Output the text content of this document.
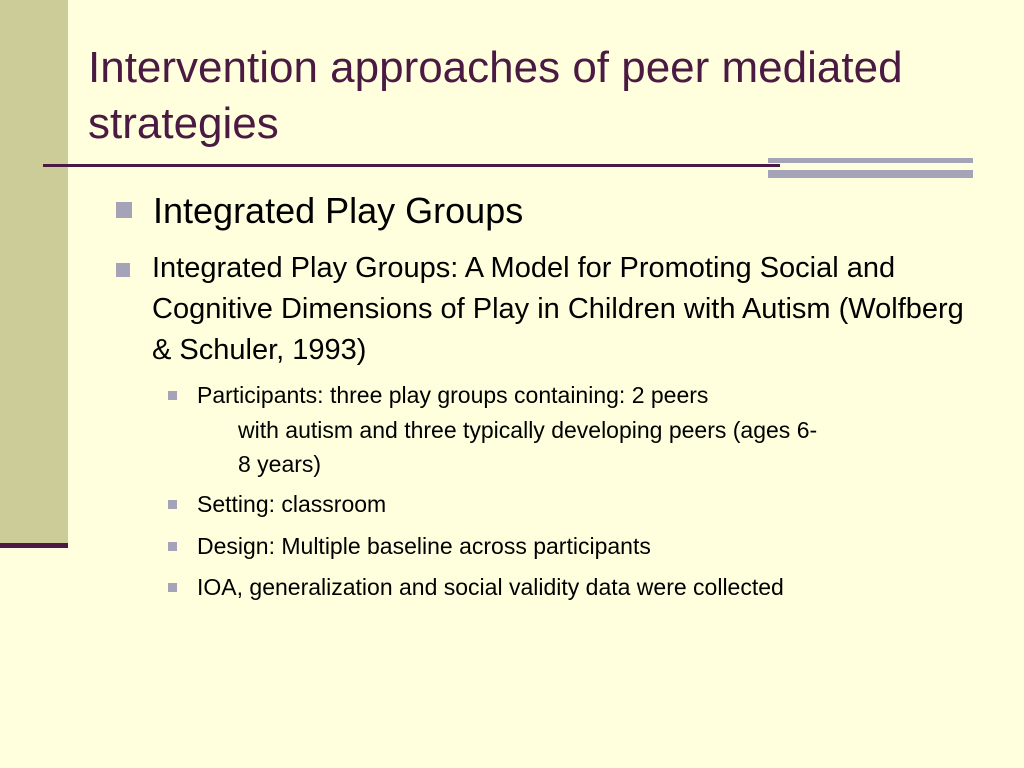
Intervention approaches of peer mediated strategies
Integrated Play Groups
Integrated Play Groups: A Model for Promoting Social and Cognitive Dimensions of Play in Children with Autism (Wolfberg & Schuler, 1993)
Participants: three play groups containing: 2 peers
with autism and three typically developing peers (ages 6-
8 years)
Setting: classroom
Design: Multiple baseline across participants
IOA, generalization and social validity data were collected
